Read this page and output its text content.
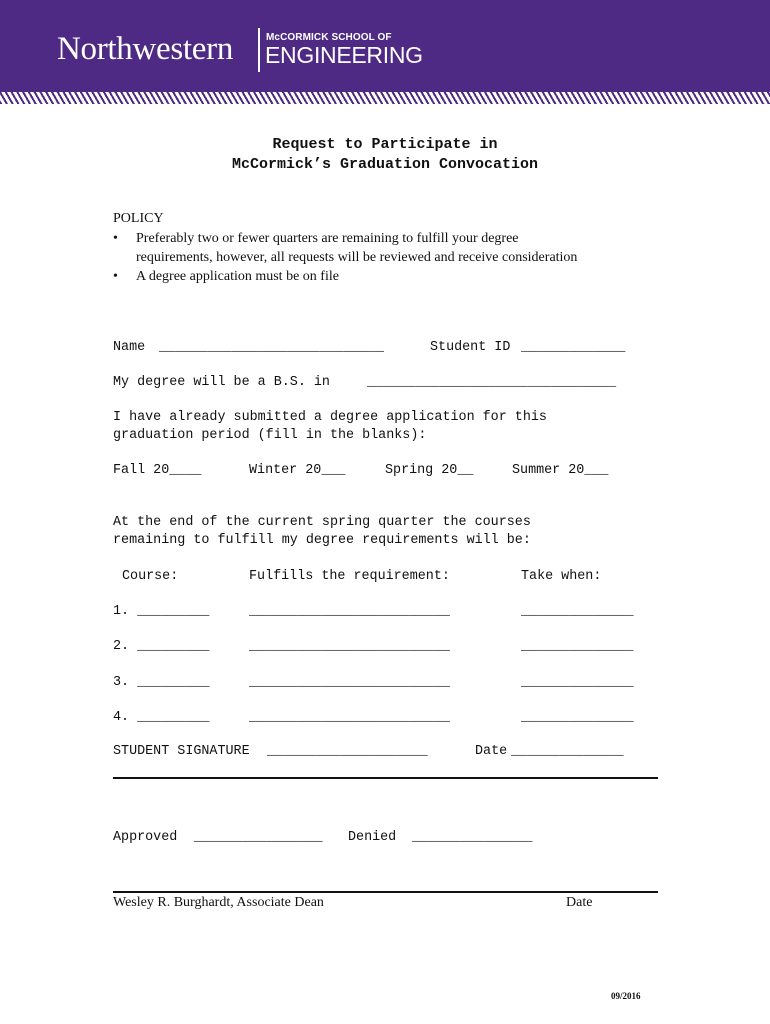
Northwestern	McCORMICK SCHOOL OF
ENGINEERING
Request to Participate in
McCormick’s Graduation Convocation
POLICY
• Preferably two or fewer quarters are remaining to fulfill your degree
requirements, however, all requests will be reviewed and receive consideration
• A degree application must be on file
Name ____________________________	Student ID _____________
My degree will be a B.S. in	_______________________________
I have already submitted a degree application for this
graduation period (fill in the blanks):
Fall 20____	Winter 20___	Spring 20__	Summer 20___
At the end of the current spring quarter the courses
remaining to fulfill my degree requirements will be:
Course:	Fulfills the requirement:	Take when:
1. _________	_________________________	______________
2. _________	_________________________	______________
3. _________	_________________________	______________
4. _________	_________________________	______________
STUDENT SIGNATURE ____________________	Date ______________
Approved ________________ Denied _______________
Wesley R. Burghardt, Associate Dean	Date
09/2016
